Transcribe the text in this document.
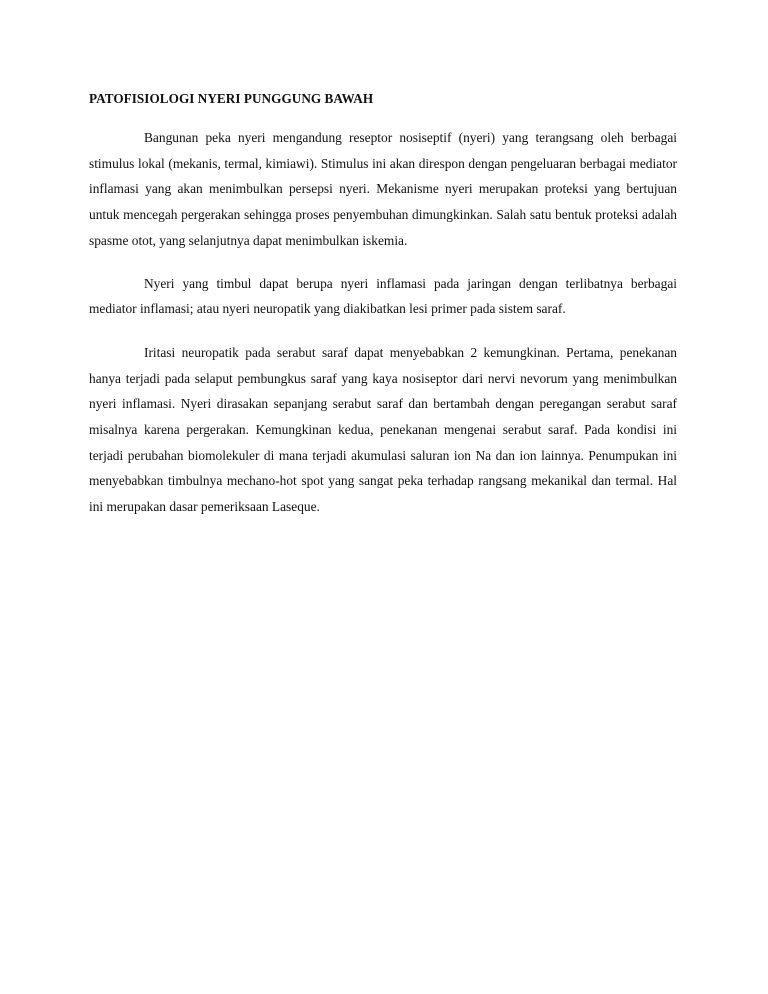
PATOFISIOLOGI NYERI PUNGGUNG BAWAH

Bangunan peka nyeri mengandung reseptor nosiseptif (nyeri) yang terangsang oleh berbagai stimulus lokal (mekanis, termal, kimiawi). Stimulus ini akan direspon dengan pengeluaran berbagai mediator inflamasi yang akan menimbulkan persepsi nyeri. Mekanisme nyeri merupakan proteksi yang bertujuan untuk mencegah pergerakan sehingga proses penyembuhan dimungkinkan. Salah satu bentuk proteksi adalah spasme otot, yang selanjutnya dapat menimbulkan iskemia.

Nyeri yang timbul dapat berupa nyeri inflamasi pada jaringan dengan terlibatnya berbagai mediator inflamasi; atau nyeri neuropatik yang diakibatkan lesi primer pada sistem saraf.

Iritasi neuropatik pada serabut saraf dapat menyebabkan 2 kemungkinan. Pertama, penekanan hanya terjadi pada selaput pembungkus saraf yang kaya nosiseptor dari nervi nevorum yang menimbulkan nyeri inflamasi. Nyeri dirasakan sepanjang serabut saraf dan bertambah dengan peregangan serabut saraf misalnya karena pergerakan. Kemungkinan kedua, penekanan mengenai serabut saraf. Pada kondisi ini terjadi perubahan biomolekuler di mana terjadi akumulasi saluran ion Na dan ion lainnya. Penumpukan ini menyebabkan timbulnya mechano-hot spot yang sangat peka terhadap rangsang mekanikal dan termal. Hal ini merupakan dasar pemeriksaan Laseque.
